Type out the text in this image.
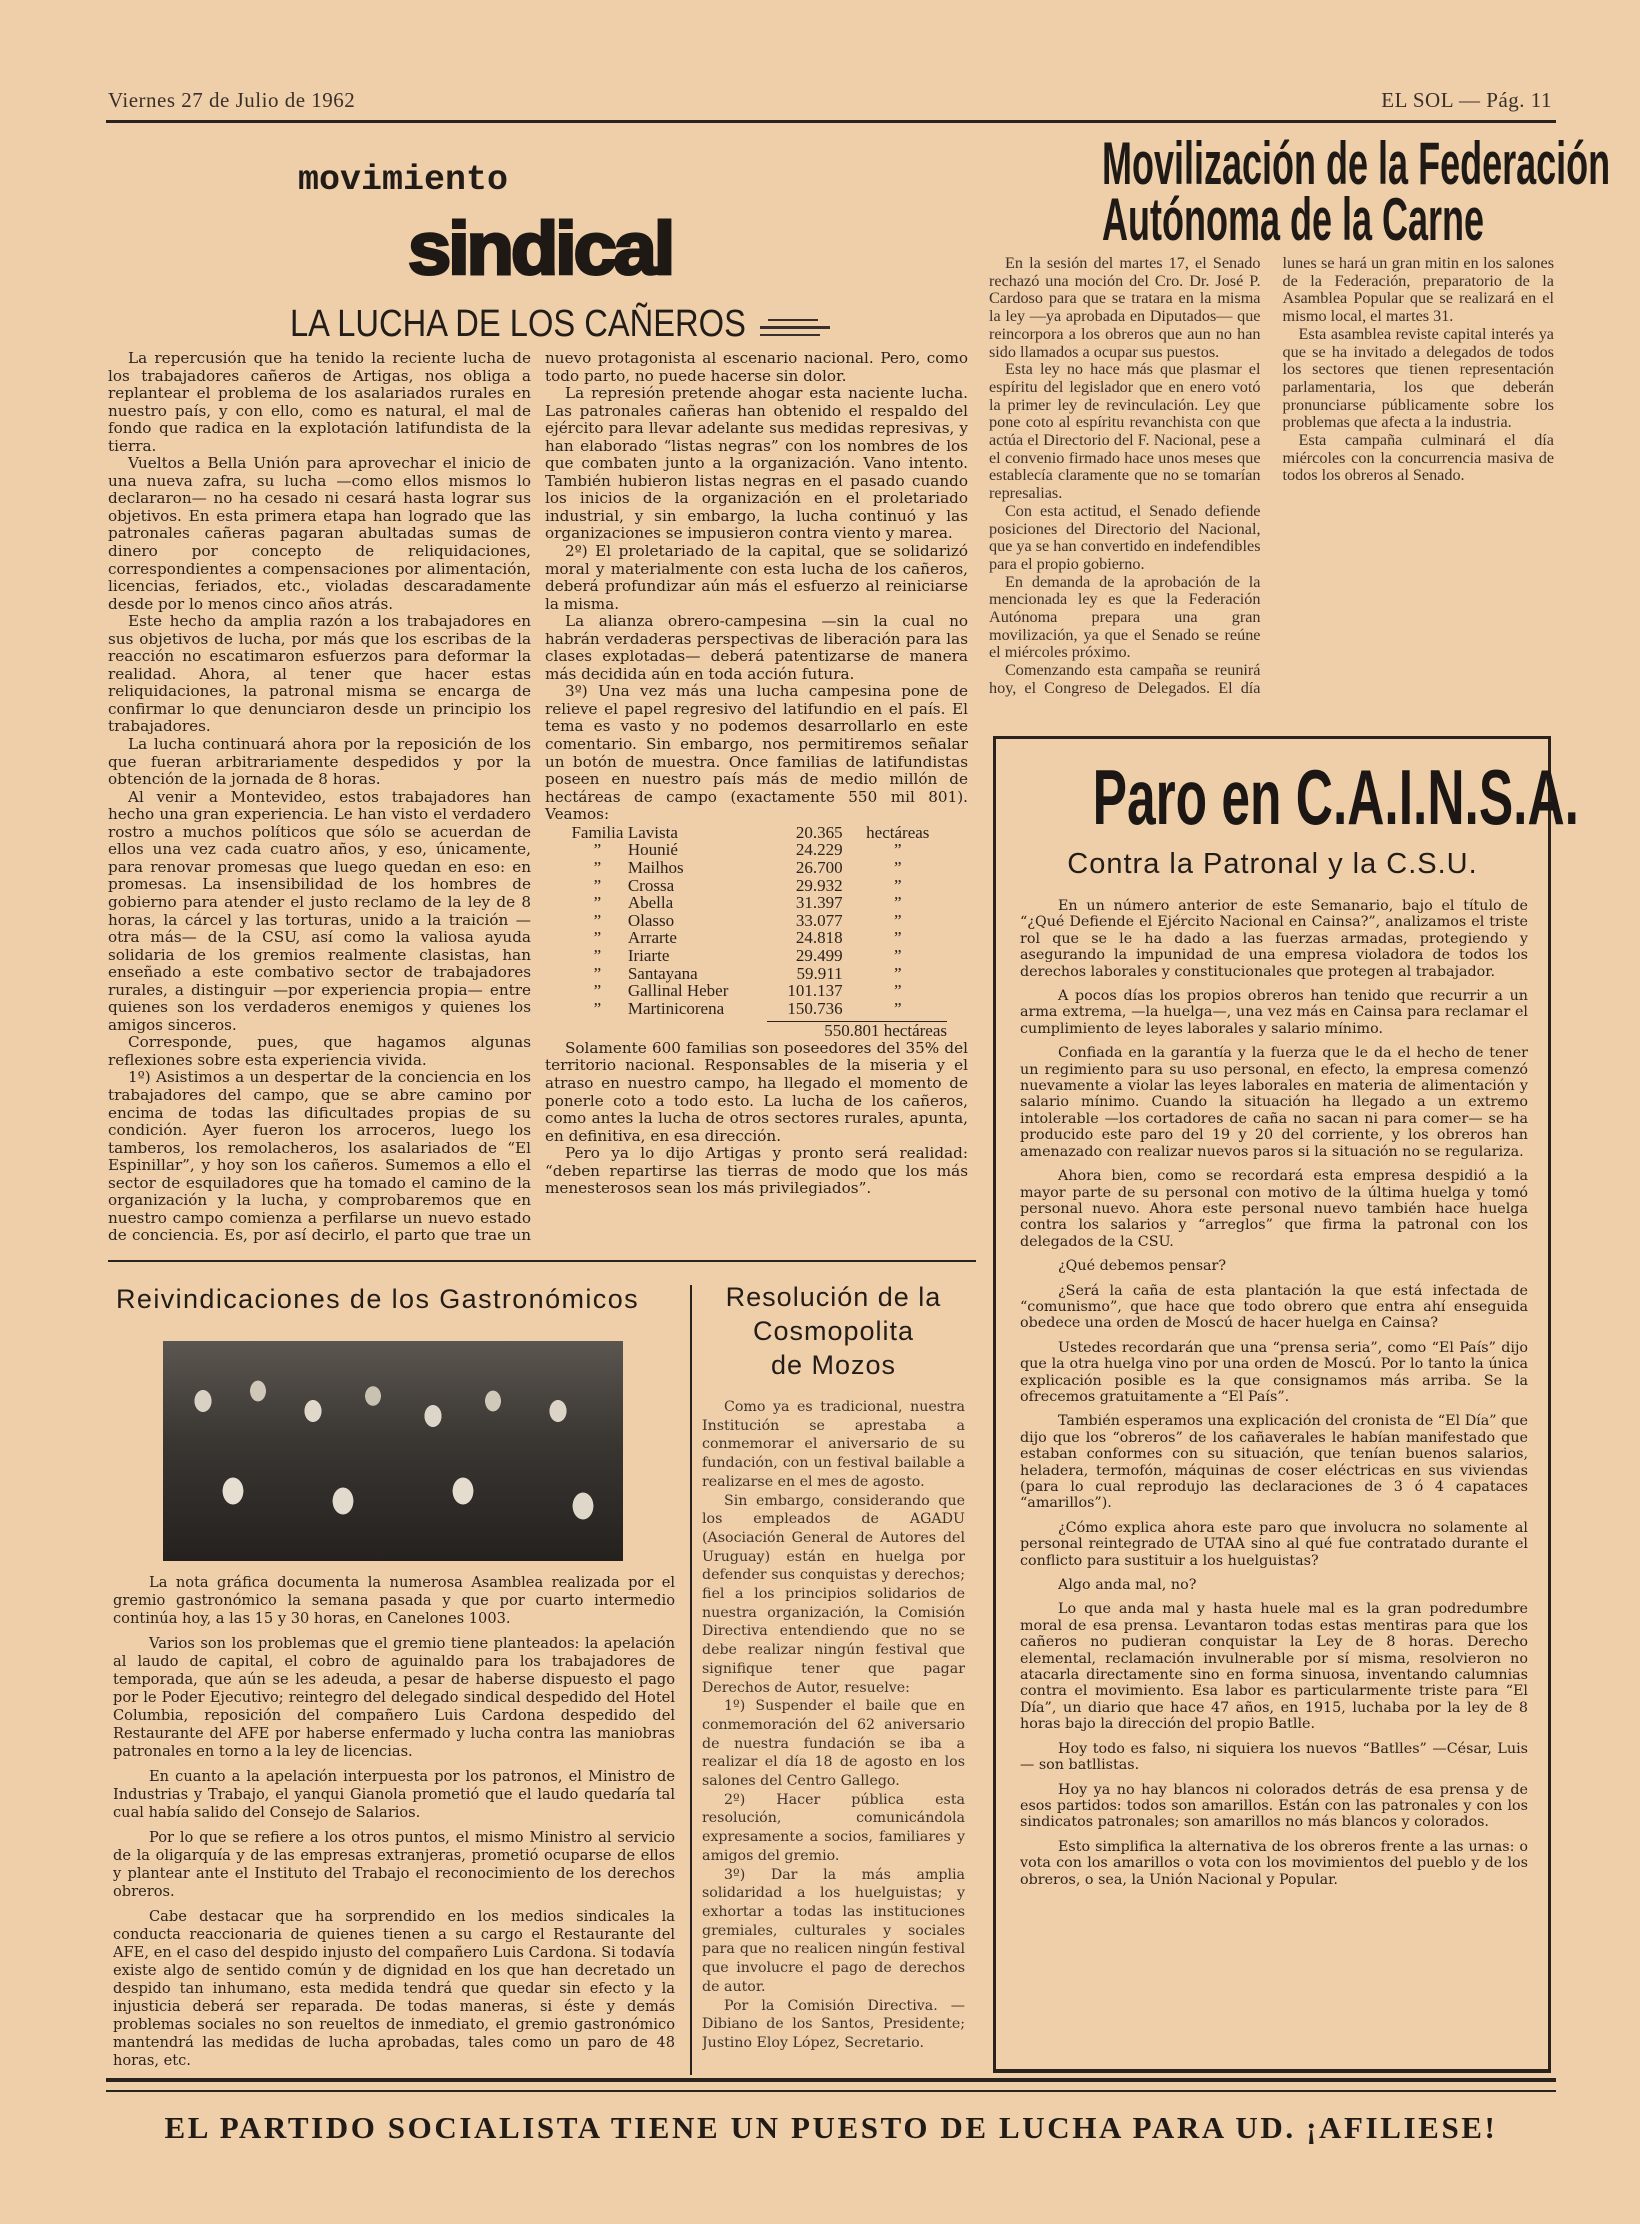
Viernes 27 de Julio de 1962	EL SOL — Pág. 11
movimiento
sindical
LA LUCHA DE LOS CAÑEROS

La repercusión que ha tenido la reciente lucha de los trabajadores cañeros de Artigas, nos obliga a replantear el problema de los asalariados rurales en nuestro país, y con ello, como es natural, el mal de fondo que radica en la explotación latifundista de la tierra.

Vueltos a Bella Unión para aprovechar el inicio de una nueva zafra, su lucha —como ellos mismos lo declararon— no ha cesado ni cesará hasta lograr sus objetivos. En esta primera etapa han logrado que las patronales cañeras pagaran abultadas sumas de dinero por concepto de reliquidaciones, correspondientes a compensaciones por alimentación, licencias, feriados, etc., violadas descaradamente desde por lo menos cinco años atrás.

Este hecho da amplia razón a los trabajadores en sus objetivos de lucha, por más que los escribas de la reacción no escatimaron esfuerzos para deformar la realidad. Ahora, al tener que hacer estas reliquidaciones, la patronal misma se encarga de confirmar lo que denunciaron desde un principio los trabajadores.

La lucha continuará ahora por la reposición de los que fueran arbitrariamente despedidos y por la obtención de la jornada de 8 horas.

Al venir a Montevideo, estos trabajadores han hecho una gran experiencia. Le han visto el verdadero rostro a muchos políticos que sólo se acuerdan de ellos una vez cada cuatro años, y eso, únicamente, para renovar promesas que luego quedan en eso: en promesas. La insensibilidad de los hombres de gobierno para atender el justo reclamo de la ley de 8 horas, la cárcel y las torturas, unido a la traición —otra más— de la CSU, así como la valiosa ayuda solidaria de los gremios realmente clasistas, han enseñado a este combativo sector de trabajadores rurales, a distinguir —por experiencia propia— entre quienes son los verdaderos enemigos y quienes los amigos sinceros.

Corresponde, pues, que hagamos algunas reflexiones sobre esta experiencia vivida.

1º) Asistimos a un despertar de la conciencia en los trabajadores del campo, que se abre camino por encima de todas las dificultades propias de su condición. Ayer fueron los arroceros, luego los tamberos, los remolacheros, los asalariados de “El Espinillar”, y hoy son los cañeros. Sumemos a ello el sector de esquiladores que ha tomado el camino de la organización y la lucha, y comprobaremos que en nuestro campo comienza a perfilarse un nuevo estado de conciencia. Es, por así decirlo, el parto que trae un nuevo protagonista al escenario nacional. Pero, como todo parto, no puede hacerse sin dolor.

La represión pretende ahogar esta naciente lucha. Las patronales cañeras han obtenido el respaldo del ejército para llevar adelante sus medidas represivas, y han elaborado “listas negras” con los nombres de los que combaten junto a la organización. Vano intento. También hubieron listas negras en el pasado cuando los inicios de la organización en el proletariado industrial, y sin embargo, la lucha continuó y las organizaciones se impusieron contra viento y marea.

2º) El proletariado de la capital, que se solidarizó moral y materialmente con esta lucha de los cañeros, deberá profundizar aún más el esfuerzo al reiniciarse la misma.

La alianza obrero-campesina —sin la cual no habrán verdaderas perspectivas de liberación para las clases explotadas— deberá patentizarse de manera más decidida aún en toda acción futura.

3º) Una vez más una lucha campesina pone de relieve el papel regresivo del latifundio en el país. El tema es vasto y no podemos desarrollarlo en este comentario. Sin embargo, nos permitiremos señalar un botón de muestra. Once familias de latifundistas poseen en nuestro país más de medio millón de hectáreas de campo (exactamente 550 mil 801). Veamos:

Familia Lavista	20.365	hectáreas
”	Hounié	24.229	”
”	Mailhos	26.700	”
”	Crossa	29.932	”
”	Abella	31.397	”
”	Olasso	33.077	”
”	Arrarte	24.818	”
”	Iriarte	29.499	”
”	Santayana	59.911	”
”	Gallinal Heber	101.137	”
”	Martinicorena	150.736	”
550.801 hectáreas

Solamente 600 familias son poseedores del 35% del territorio nacional. Responsables de la miseria y el atraso en nuestro campo, ha llegado el momento de ponerle coto a todo esto. La lucha de los cañeros, como antes la lucha de otros sectores rurales, apunta, en definitiva, en esa dirección.

Pero ya lo dijo Artigas y pronto será realidad: “deben repartirse las tierras de modo que los más menesterosos sean los más privilegiados”.

Movilización de la Federación
Autónoma de la Carne

En la sesión del martes 17, el Senado rechazó una moción del Cro. Dr. José P. Cardoso para que se tratara en la misma la ley —ya aprobada en Diputados— que reincorpora a los obreros que aun no han sido llamados a ocupar sus puestos.

Esta ley no hace más que plasmar el espíritu del legislador que en enero votó la primer ley de revinculación. Ley que pone coto al espíritu revanchista con que actúa el Directorio del F. Nacional, pese a el convenio firmado hace unos meses que establecía claramente que no se tomarían represalias.

Con esta actitud, el Senado defiende posiciones del Directorio del Nacional, que ya se han convertido en indefendibles para el propio gobierno.

En demanda de la aprobación de la mencionada ley es que la Federación Autónoma prepara una gran movilización, ya que el Senado se reúne el miércoles próximo.

Comenzando esta campaña se reunirá hoy, el Congreso de Delegados. El día lunes se hará un gran mitin en los salones de la Federación, preparatorio de la Asamblea Popular que se realizará en el mismo local, el martes 31.

Esta asamblea reviste capital interés ya que se ha invitado a delegados de todos los sectores que tienen representación parlamentaria, los que deberán pronunciarse públicamente sobre los problemas que afecta a la industria.

Esta campaña culminará el día miércoles con la concurrencia masiva de todos los obreros al Senado.

Paro en C.A.I.N.S.A.
Contra la Patronal y la C.S.U.

En un número anterior de este Semanario, bajo el título de “¿Qué Defiende el Ejército Nacional en Cainsa?”, analizamos el triste rol que se le ha dado a las fuerzas armadas, protegiendo y asegurando la impunidad de una empresa violadora de todos los derechos laborales y constitucionales que protegen al trabajador.

A pocos días los propios obreros han tenido que recurrir a un arma extrema, —la huelga—, una vez más en Cainsa para reclamar el cumplimiento de leyes laborales y salario mínimo.

Confiada en la garantía y la fuerza que le da el hecho de tener un regimiento para su uso personal, en efecto, la empresa comenzó nuevamente a violar las leyes laborales en materia de alimentación y salario mínimo. Cuando la situación ha llegado a un extremo intolerable —los cortadores de caña no sacan ni para comer— se ha producido este paro del 19 y 20 del corriente, y los obreros han amenazado con realizar nuevos paros si la situación no se regulariza.

Ahora bien, como se recordará esta empresa despidió a la mayor parte de su personal con motivo de la última huelga y tomó personal nuevo. Ahora este personal nuevo también hace huelga contra los salarios y “arreglos” que firma la patronal con los delegados de la CSU.

¿Qué debemos pensar?

¿Será la caña de esta plantación la que está infectada de “comunismo”, que hace que todo obrero que entra ahí enseguida obedece una orden de Moscú de hacer huelga en Cainsa?

Ustedes recordarán que una “prensa seria”, como “El País” dijo que la otra huelga vino por una orden de Moscú. Por lo tanto la única explicación posible es la que consignamos más arriba. Se la ofrecemos gratuitamente a “El País”.

También esperamos una explicación del cronista de “El Día” que dijo que los “obreros” de los cañaverales le habían manifestado que estaban conformes con su situación, que tenían buenos salarios, heladera, termofón, máquinas de coser eléctricas en sus viviendas (para lo cual reprodujo las declaraciones de 3 ó 4 capataces “amarillos”).

¿Cómo explica ahora este paro que involucra no solamente al personal reintegrado de UTAA sino al qué fue contratado durante el conflicto para sustituir a los huelguistas?

Algo anda mal, no?

Lo que anda mal y hasta huele mal es la gran podredumbre moral de esa prensa. Levantaron todas estas mentiras para que los cañeros no pudieran conquistar la Ley de 8 horas. Derecho elemental, reclamación invulnerable por sí misma, resolvieron no atacarla directamente sino en forma sinuosa, inventando calumnias contra el movimiento. Esa labor es particularmente triste para “El Día”, un diario que hace 47 años, en 1915, luchaba por la ley de 8 horas bajo la dirección del propio Batlle.

Hoy todo es falso, ni siquiera los nuevos “Batlles” —César, Luis— son batllistas.

Hoy ya no hay blancos ni colorados detrás de esa prensa y de esos partidos: todos son amarillos. Están con las patronales y con los sindicatos patronales; son amarillos no más blancos y colorados.

Esto simplifica la alternativa de los obreros frente a las urnas: o vota con los amarillos o vota con los movimientos del pueblo y de los obreros, o sea, la Unión Nacional y Popular.

Reivindicaciones de los Gastronómicos

La nota gráfica documenta la numerosa Asamblea realizada por el gremio gastronómico la semana pasada y que por cuarto intermedio continúa hoy, a las 15 y 30 horas, en Canelones 1003.

Varios son los problemas que el gremio tiene planteados: la apelación al laudo de capital, el cobro de aguinaldo para los trabajadores de temporada, que aún se les adeuda, a pesar de haberse dispuesto el pago por le Poder Ejecutivo; reintegro del delegado sindical despedido del Hotel Columbia, reposición del compañero Luis Cardona despedido del Restaurante del AFE por haberse enfermado y lucha contra las maniobras patronales en torno a la ley de licencias.

En cuanto a la apelación interpuesta por los patronos, el Ministro de Industrias y Trabajo, el yanqui Gianola prometió que el laudo quedaría tal cual había salido del Consejo de Salarios.

Por lo que se refiere a los otros puntos, el mismo Ministro al servicio de la oligarquía y de las empresas extranjeras, prometió ocuparse de ellos y plantear ante el Instituto del Trabajo el reconocimiento de los derechos obreros.

Cabe destacar que ha sorprendido en los medios sindicales la conducta reaccionaria de quienes tienen a su cargo el Restaurante del AFE, en el caso del despido injusto del compañero Luis Cardona. Si todavía existe algo de sentido común y de dignidad en los que han decretado un despido tan inhumano, esta medida tendrá que quedar sin efecto y la injusticia deberá ser reparada. De todas maneras, si éste y demás problemas sociales no son reueltos de inmediato, el gremio gastronómico mantendrá las medidas de lucha aprobadas, tales como un paro de 48 horas, etc.

Resolución de la
Cosmopolita
de Mozos

Como ya es tradicional, nuestra Institución se aprestaba a conmemorar el aniversario de su fundación, con un festival bailable a realizarse en el mes de agosto.

Sin embargo, considerando que los empleados de AGADU (Asociación General de Autores del Uruguay) están en huelga por defender sus conquistas y derechos; fiel a los principios solidarios de nuestra organización, la Comisión Directiva entendiendo que no se debe realizar ningún festival que signifique tener que pagar Derechos de Autor, resuelve:

1º) Suspender el baile que en conmemoración del 62 aniversario de nuestra fundación se iba a realizar el día 18 de agosto en los salones del Centro Gallego.

2º) Hacer pública esta resolución, comunicándola expresamente a socios, familiares y amigos del gremio.

3º) Dar la más amplia solidaridad a los huelguistas; y exhortar a todas las instituciones gremiales, culturales y sociales para que no realicen ningún festival que involucre el pago de derechos de autor.

Por la Comisión Directiva. — Dibiano de los Santos, Presidente; Justino Eloy López, Secretario.

EL PARTIDO SOCIALISTA TIENE UN PUESTO DE LUCHA PARA UD. ¡AFILIESE!
